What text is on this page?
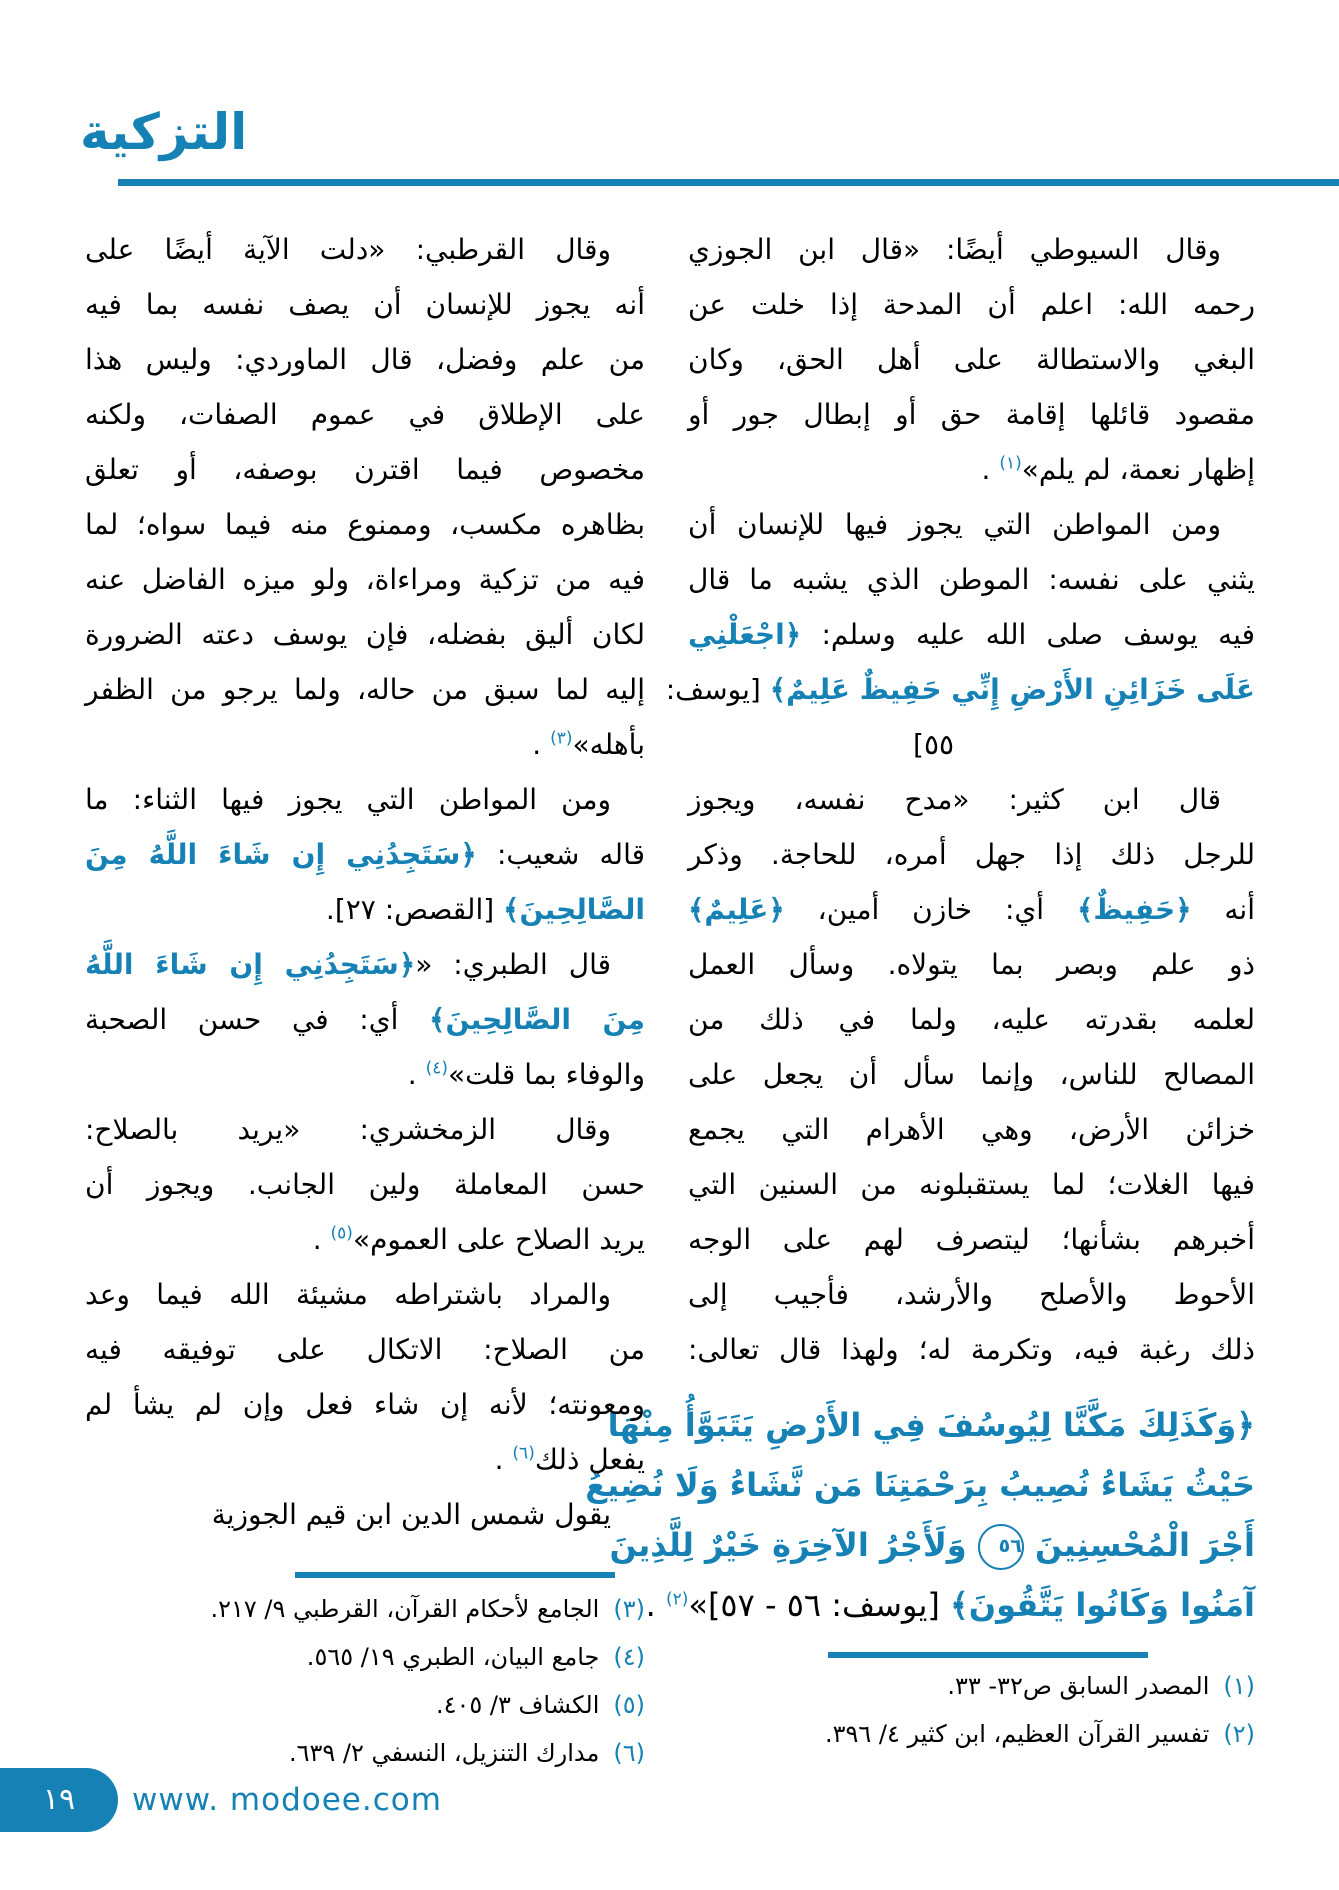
التزكية
وقال السيوطي أيضًا: «قال ابن الجوزي
رحمه الله: اعلم أن المدحة إذا خلت عن
البغي والاستطالة على أهل الحق، وكان
مقصود قائلها إقامة حق أو إبطال جور أو
إظهار نعمة، لم يلم»$^{(١)}$ .
ومن المواطن التي يجوز فيها للإنسان أن
يثني على نفسه: الموطن الذي يشبه ما قال
فيه يوسف صلى الله عليه وسلم: ﴿اجْعَلْنِي
عَلَى خَزَائِنِ الأَرْضِ إِنِّي حَفِيظٌ عَلِيمٌ﴾ [يوسف:
٥٥]
قال ابن كثير: «مدح نفسه، ويجوز
للرجل ذلك إذا جهل أمره، للحاجة. وذكر
أنه ﴿حَفِيظٌ﴾ أي: خازن أمين، ﴿عَلِيمٌ﴾
ذو علم وبصر بما يتولاه. وسأل العمل
لعلمه بقدرته عليه، ولما في ذلك من
المصالح للناس، وإنما سأل أن يجعل على
خزائن الأرض، وهي الأهرام التي يجمع
فيها الغلات؛ لما يستقبلونه من السنين التي
أخبرهم بشأنها؛ ليتصرف لهم على الوجه
الأحوط والأصلح والأرشد، فأجيب إلى
ذلك رغبة فيه، وتكرمة له؛ ولهذا قال تعالى:
﴿وَكَذَلِكَ مَكَّنَّا لِيُوسُفَ فِي الأَرْضِ يَتَبَوَّأُ مِنْهَا
حَيْثُ يَشَاءُ نُصِيبُ بِرَحْمَتِنَا مَن نَّشَاءُ وَلَا نُضِيعُ
أَجْرَ الْمُحْسِنِينَ ٥٦ وَلَأَجْرُ الآخِرَةِ خَيْرٌ لِلَّذِينَ
آمَنُوا وَكَانُوا يَتَّقُونَ﴾ [يوسف: ٥٦ - ٥٧]»$^{(٢)}$ .
وقال القرطبي: «دلت الآية أيضًا على
أنه يجوز للإنسان أن يصف نفسه بما فيه
من علم وفضل، قال الماوردي: وليس هذا
على الإطلاق في عموم الصفات، ولكنه
مخصوص فيما اقترن بوصفه، أو تعلق
بظاهره مكسب، وممنوع منه فيما سواه؛ لما
فيه من تزكية ومراءاة، ولو ميزه الفاضل عنه
لكان أليق بفضله، فإن يوسف دعته الضرورة
إليه لما سبق من حاله، ولما يرجو من الظفر
بأهله»$^{(٣)}$ .
ومن المواطن التي يجوز فيها الثناء: ما
قاله شعيب: ﴿سَتَجِدُنِي إِن شَاءَ اللَّهُ مِنَ
الصَّالِحِينَ﴾ [القصص: ٢٧].
قال الطبري: «﴿سَتَجِدُنِي إِن شَاءَ اللَّهُ
مِنَ الصَّالِحِينَ﴾ أي: في حسن الصحبة
والوفاء بما قلت»$^{(٤)}$ .
وقال الزمخشري: «يريد بالصلاح:
حسن المعاملة ولين الجانب. ويجوز أن
يريد الصلاح على العموم»$^{(٥)}$ .
والمراد باشتراطه مشيئة الله فيما وعد
من الصلاح: الاتكال على توفيقه فيه
ومعونته؛ لأنه إن شاء فعل وإن لم يشأ لم
يفعل ذلك$^{(٦)}$ .
يقول شمس الدين ابن قيم الجوزية
(١)المصدر السابق ص٣٢- ٣٣.
(٢)تفسير القرآن العظيم، ابن كثير ٤/ ٣٩٦.
(٣)الجامع لأحكام القرآن، القرطبي ٩/ ٢١٧.
(٤)جامع البيان، الطبري ١٩/ ٥٦٥.
(٥)الكشاف ٣/ ٤٠٥.
(٦)مدارك التنزيل، النسفي ٢/ ٦٣٩.
١٩	www. modoee.com
